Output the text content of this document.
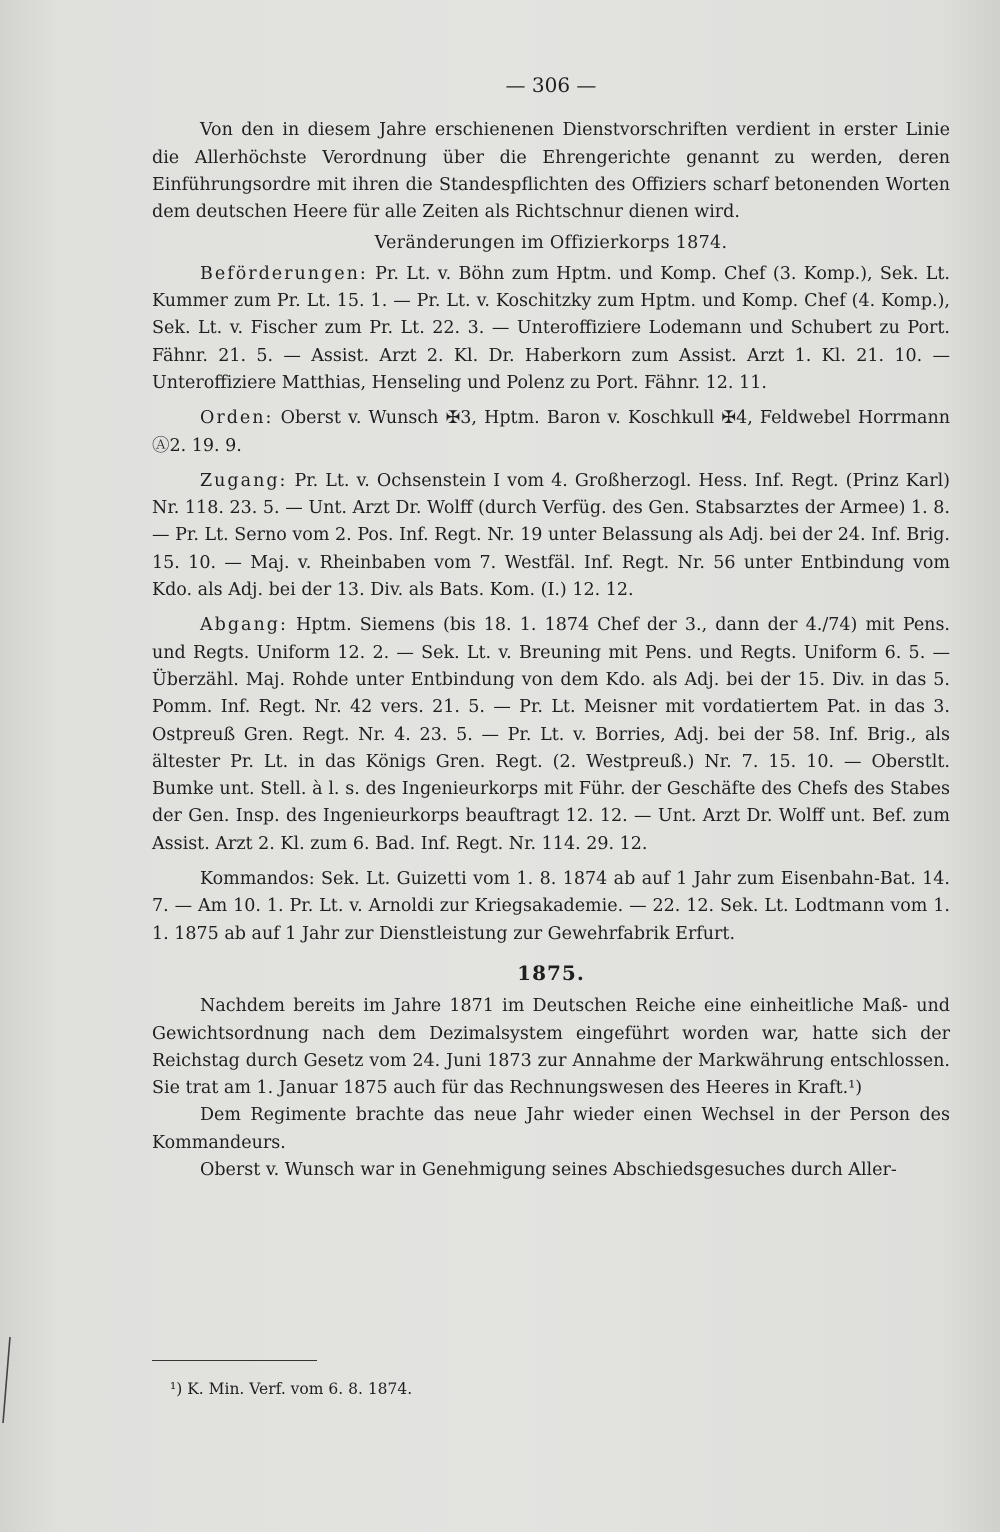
— 306 —

Von den in diesem Jahre erschienenen Dienstvorschriften verdient in erster Linie die Allerhöchste Verordnung über die Ehrengerichte genannt zu werden, deren Einführungsordre mit ihren die Standespflichten des Offiziers scharf betonenden Worten dem deutschen Heere für alle Zeiten als Richtschnur dienen wird.

Veränderungen im Offizierkorps 1874.

Beförderungen: Pr. Lt. v. Böhn zum Hptm. und Komp. Chef (3. Komp.), Sek. Lt. Kummer zum Pr. Lt. 15. 1. — Pr. Lt. v. Koschitzky zum Hptm. und Komp. Chef (4. Komp.), Sek. Lt. v. Fischer zum Pr. Lt. 22. 3. — Unteroffiziere Lodemann und Schubert zu Port. Fähnr. 21. 5. — Assist. Arzt 2. Kl. Dr. Haberkorn zum Assist. Arzt 1. Kl. 21. 10. — Unteroffiziere Matthias, Henseling und Polenz zu Port. Fähnr. 12. 11.

Orden: Oberst v. Wunsch ✠3, Hptm. Baron v. Koschkull ✠4, Feldwebel Horrmann Ⓐ2. 19. 9.

Zugang: Pr. Lt. v. Ochsenstein I vom 4. Großherzogl. Hess. Inf. Regt. (Prinz Karl) Nr. 118. 23. 5. — Unt. Arzt Dr. Wolff (durch Verfüg. des Gen. Stabsarztes der Armee) 1. 8. — Pr. Lt. Serno vom 2. Pos. Inf. Regt. Nr. 19 unter Belassung als Adj. bei der 24. Inf. Brig. 15. 10. — Maj. v. Rheinbaben vom 7. Westfäl. Inf. Regt. Nr. 56 unter Entbindung vom Kdo. als Adj. bei der 13. Div. als Bats. Kom. (I.) 12. 12.

Abgang: Hptm. Siemens (bis 18. 1. 1874 Chef der 3., dann der 4./74) mit Pens. und Regts. Uniform 12. 2. — Sek. Lt. v. Breuning mit Pens. und Regts. Uniform 6. 5. — Überzähl. Maj. Rohde unter Entbindung von dem Kdo. als Adj. bei der 15. Div. in das 5. Pomm. Inf. Regt. Nr. 42 vers. 21. 5. — Pr. Lt. Meisner mit vordatiertem Pat. in das 3. Ostpreuß Gren. Regt. Nr. 4. 23. 5. — Pr. Lt. v. Borries, Adj. bei der 58. Inf. Brig., als ältester Pr. Lt. in das Königs Gren. Regt. (2. Westpreuß.) Nr. 7. 15. 10. — Oberstlt. Bumke unt. Stell. à l. s. des Ingenieurkorps mit Führ. der Geschäfte des Chefs des Stabes der Gen. Insp. des Ingenieurkorps beauftragt 12. 12. — Unt. Arzt Dr. Wolff unt. Bef. zum Assist. Arzt 2. Kl. zum 6. Bad. Inf. Regt. Nr. 114. 29. 12.

Kommandos: Sek. Lt. Guizetti vom 1. 8. 1874 ab auf 1 Jahr zum Eisenbahn-Bat. 14. 7. — Am 10. 1. Pr. Lt. v. Arnoldi zur Kriegsakademie. — 22. 12. Sek. Lt. Lodtmann vom 1. 1. 1875 ab auf 1 Jahr zur Dienstleistung zur Gewehrfabrik Erfurt.

1875.

Nachdem bereits im Jahre 1871 im Deutschen Reiche eine einheitliche Maß- und Gewichtsordnung nach dem Dezimalsystem eingeführt worden war, hatte sich der Reichstag durch Gesetz vom 24. Juni 1873 zur Annahme der Markwährung entschlossen. Sie trat am 1. Januar 1875 auch für das Rechnungswesen des Heeres in Kraft.¹)

Dem Regimente brachte das neue Jahr wieder einen Wechsel in der Person des Kommandeurs.

Oberst v. Wunsch war in Genehmigung seines Abschiedsgesuches durch Aller-

¹) K. Min. Verf. vom 6. 8. 1874.
